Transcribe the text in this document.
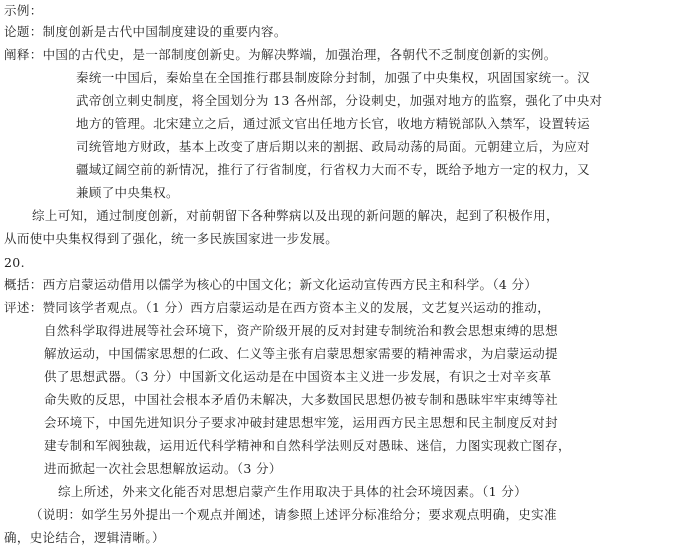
示例：
论题：制度创新是古代中国制度建设的重要内容。
阐释：中国的古代史，是一部制度创新史。为解决弊端，加强治理，各朝代不乏制度创新的实例。
秦统一中国后，秦始皇在全国推行郡县制废除分封制，加强了中央集权，巩固国家统一。汉
武帝创立刺史制度，将全国划分为 13 各州部，分设刺史，加强对地方的监察，强化了中央对
地方的管理。北宋建立之后，通过派文官出任地方长官，收地方精锐部队入禁军，设置转运
司统管地方财政，基本上改变了唐后期以来的割据、政局动荡的局面。元朝建立后，为应对
疆域辽阔空前的新情况，推行了行省制度，行省权力大而不专，既给予地方一定的权力，又
兼顾了中央集权。
综上可知，通过制度创新，对前朝留下各种弊病以及出现的新问题的解决，起到了积极作用，
从而使中央集权得到了强化，统一多民族国家进一步发展。
20.
概括：西方启蒙运动借用以儒学为核心的中国文化；新文化运动宣传西方民主和科学。（4 分）
评述：赞同该学者观点。（1 分）西方启蒙运动是在西方资本主义的发展，文艺复兴运动的推动，
自然科学取得进展等社会环境下，资产阶级开展的反对封建专制统治和教会思想束缚的思想
解放运动，中国儒家思想的仁政、仁义等主张有启蒙思想家需要的精神需求，为启蒙运动提
供了思想武器。（3 分）中国新文化运动是在中国资本主义进一步发展，有识之士对辛亥革
命失败的反思，中国社会根本矛盾仍未解决，大多数国民思想仍被专制和愚昧牢牢束缚等社
会环境下，中国先进知识分子要求冲破封建思想牢笼，运用西方民主思想和民主制度反对封
建专制和军阀独裁，运用近代科学精神和自然科学法则反对愚昧、迷信，力图实现救亡图存，
进而掀起一次社会思想解放运动。（3 分）
综上所述，外来文化能否对思想启蒙产生作用取决于具体的社会环境因素。（1 分）
（说明：如学生另外提出一个观点并阐述，请参照上述评分标准给分；要求观点明确，史实准
确，史论结合，逻辑清晰。）
